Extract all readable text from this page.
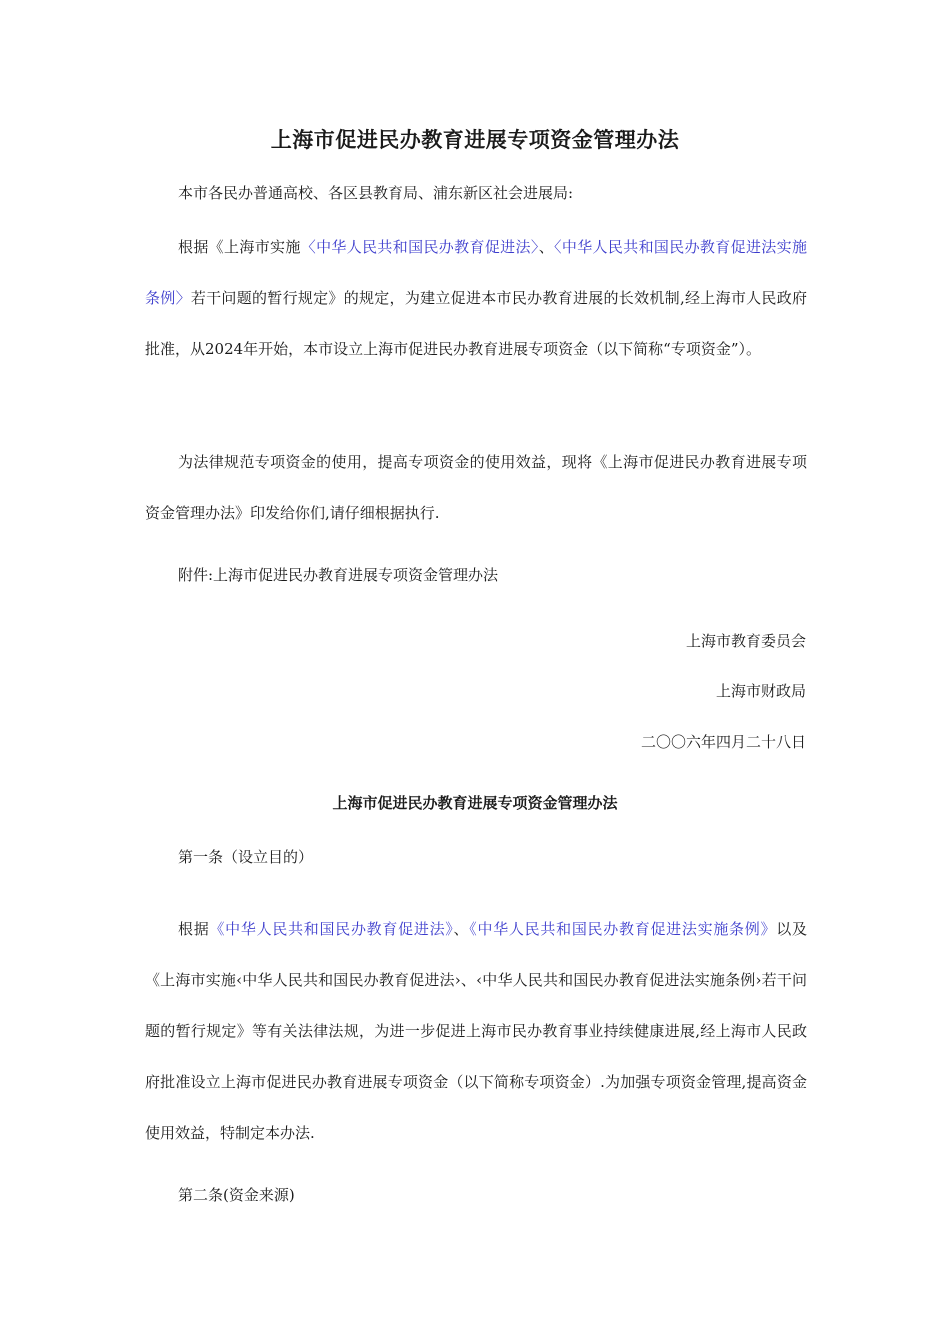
上海市促进民办教育进展专项资金管理办法

本市各民办普通高校、各区县教育局、浦东新区社会进展局:

根据《上海市实施〈中华人民共和国民办教育促进法〉、〈中华人民共和国民办教育促进法实施条例〉若干问题的暂行规定》的规定，为建立促进本市民办教育进展的长效机制,经上海市人民政府批准，从2024年开始，本市设立上海市促进民办教育进展专项资金（以下简称“专项资金”）。

为法律规范专项资金的使用，提高专项资金的使用效益，现将《上海市促进民办教育进展专项资金管理办法》印发给你们,请仔细根据执行.

附件:上海市促进民办教育进展专项资金管理办法

上海市教育委员会
上海市财政局
二〇〇六年四月二十八日
上海市促进民办教育进展专项资金管理办法

第一条（设立目的）

根据《中华人民共和国民办教育促进法》、《中华人民共和国民办教育促进法实施条例》以及《上海市实施‹中华人民共和国民办教育促进法›、‹中华人民共和国民办教育促进法实施条例›若干问题的暂行规定》等有关法律法规，为进一步促进上海市民办教育事业持续健康进展,经上海市人民政府批准设立上海市促进民办教育进展专项资金（以下简称专项资金）.为加强专项资金管理,提高资金使用效益，特制定本办法.

第二条(资金来源)
